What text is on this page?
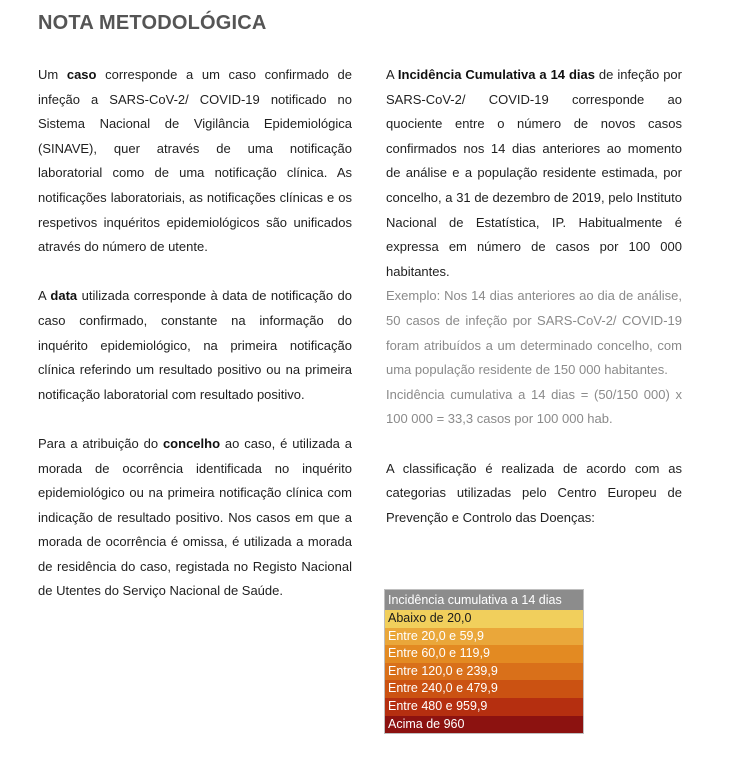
NOTA METODOLÓGICA

Um caso corresponde a um caso confirmado de infeção a SARS-CoV-2/ COVID-19 notificado no Sistema Nacional de Vigilância Epidemiológica (SINAVE), quer através de uma notificação laboratorial como de uma notificação clínica. As notificações laboratoriais, as notificações clínicas e os respetivos inquéritos epidemiológicos são unificados através do número de utente.

A data utilizada corresponde à data de notificação do caso confirmado, constante na informação do inquérito epidemiológico, na primeira notificação clínica referindo um resultado positivo ou na primeira notificação laboratorial com resultado positivo.

Para a atribuição do concelho ao caso, é utilizada a morada de ocorrência identificada no inquérito epidemiológico ou na primeira notificação clínica com indicação de resultado positivo. Nos casos em que a morada de ocorrência é omissa, é utilizada a morada de residência do caso, registada no Registo Nacional de Utentes do Serviço Nacional de Saúde.

A Incidência Cumulativa a 14 dias de infeção por SARS-CoV-2/ COVID-19 corresponde ao quociente entre o número de novos casos confirmados nos 14 dias anteriores ao momento de análise e a população residente estimada, por concelho, a 31 de dezembro de 2019, pelo Instituto Nacional de Estatística, IP. Habitualmente é expressa em número de casos por 100 000 habitantes.

Exemplo: Nos 14 dias anteriores ao dia de análise, 50 casos de infeção por SARS-CoV-2/ COVID-19 foram atribuídos a um determinado concelho, com uma população residente de 150 000 habitantes.

Incidência cumulativa a 14 dias = (50/150 000) x 100 000 = 33,3 casos por 100 000 hab.

A classificação é realizada de acordo com as categorias utilizadas pelo Centro Europeu de Prevenção e Controlo das Doenças:

Incidência cumulativa a 14 dias
Abaixo de 20,0
Entre 20,0 e 59,9
Entre 60,0 e 119,9
Entre 120,0 e 239,9
Entre 240,0 e 479,9
Entre 480 e 959,9
Acima de 960
